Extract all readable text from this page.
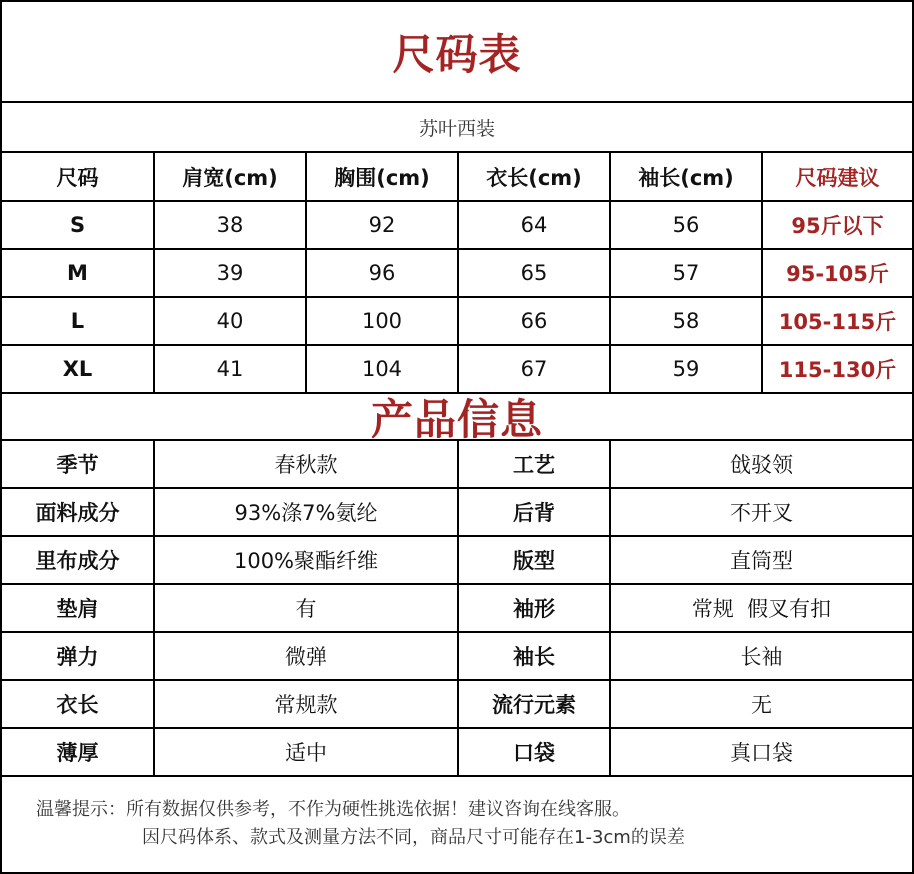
尺码表
苏叶西装
尺码	肩宽(cm)	胸围(cm)	衣长(cm)	袖长(cm)	尺码建议
S	38	92	64	56	95斤以下
M	39	96	65	57	95-105斤
L	40	100	66	58	105-115斤
XL	41	104	67	59	115-130斤
产品信息
季节	春秋款	工艺	戗驳领
面料成分	93%涤7%氨纶	后背	不开叉
里布成分	100%聚酯纤维	版型	直筒型
垫肩	有	袖形	常规  假叉有扣
弹力	微弹	袖长	长袖
衣长	常规款	流行元素	无
薄厚	适中	口袋	真口袋
温馨提示：所有数据仅供参考，不作为硬性挑选依据！建议咨询在线客服。
因尺码体系、款式及测量方法不同，商品尺寸可能存在1-3cm的误差
